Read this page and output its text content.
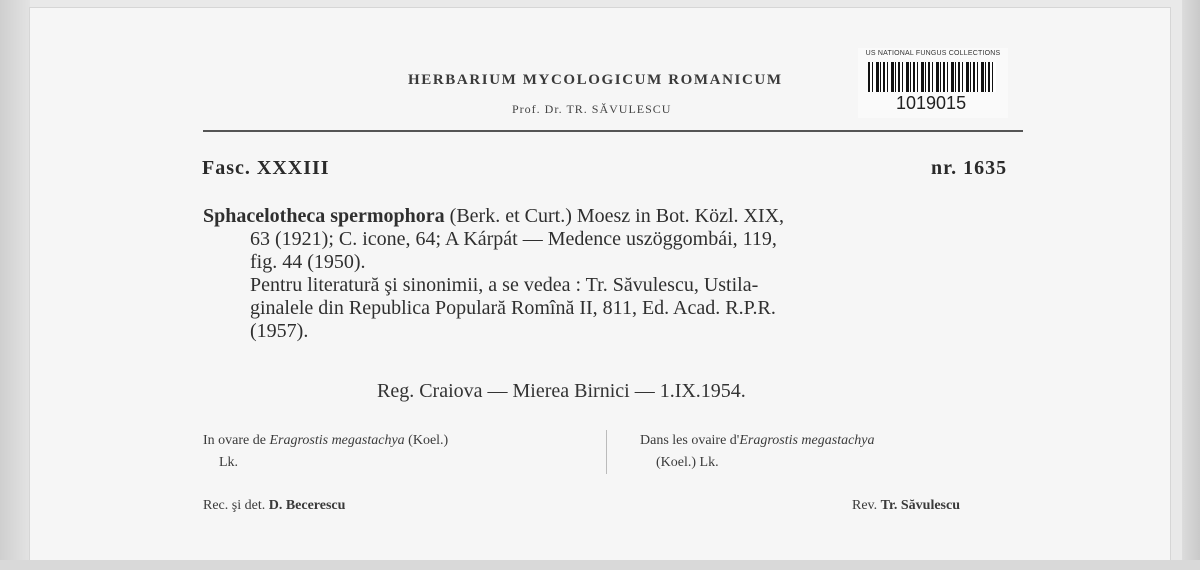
HERBARIUM MYCOLOGICUM ROMANICUM
Prof. Dr. TR. SĂVULESCU
US NATIONAL FUNGUS COLLECTIONS
1019015
Fasc. XXXIII	nr. 1635
Sphacelotheca spermophora (Berk. et Curt.) Moesz in Bot. Közl. XIX,
63 (1921); C. icone, 64; A Kárpát — Medence uszöggombái, 119,
fig. 44 (1950).
Pentru literatură şi sinonimii, a se vedea : Tr. Săvulescu, Ustila-
ginalele din Republica Populară Romînă II, 811, Ed. Acad. R.P.R.
(1957).
Reg. Craiova — Mierea Birnici — 1.IX.1954.
In ovare de Eragrostis megastachya (Koel.)
Lk.
Dans les ovaire d'Eragrostis megastachya
(Koel.) Lk.
Rec. şi det. D. Becerescu	Rev. Tr. Săvulescu
